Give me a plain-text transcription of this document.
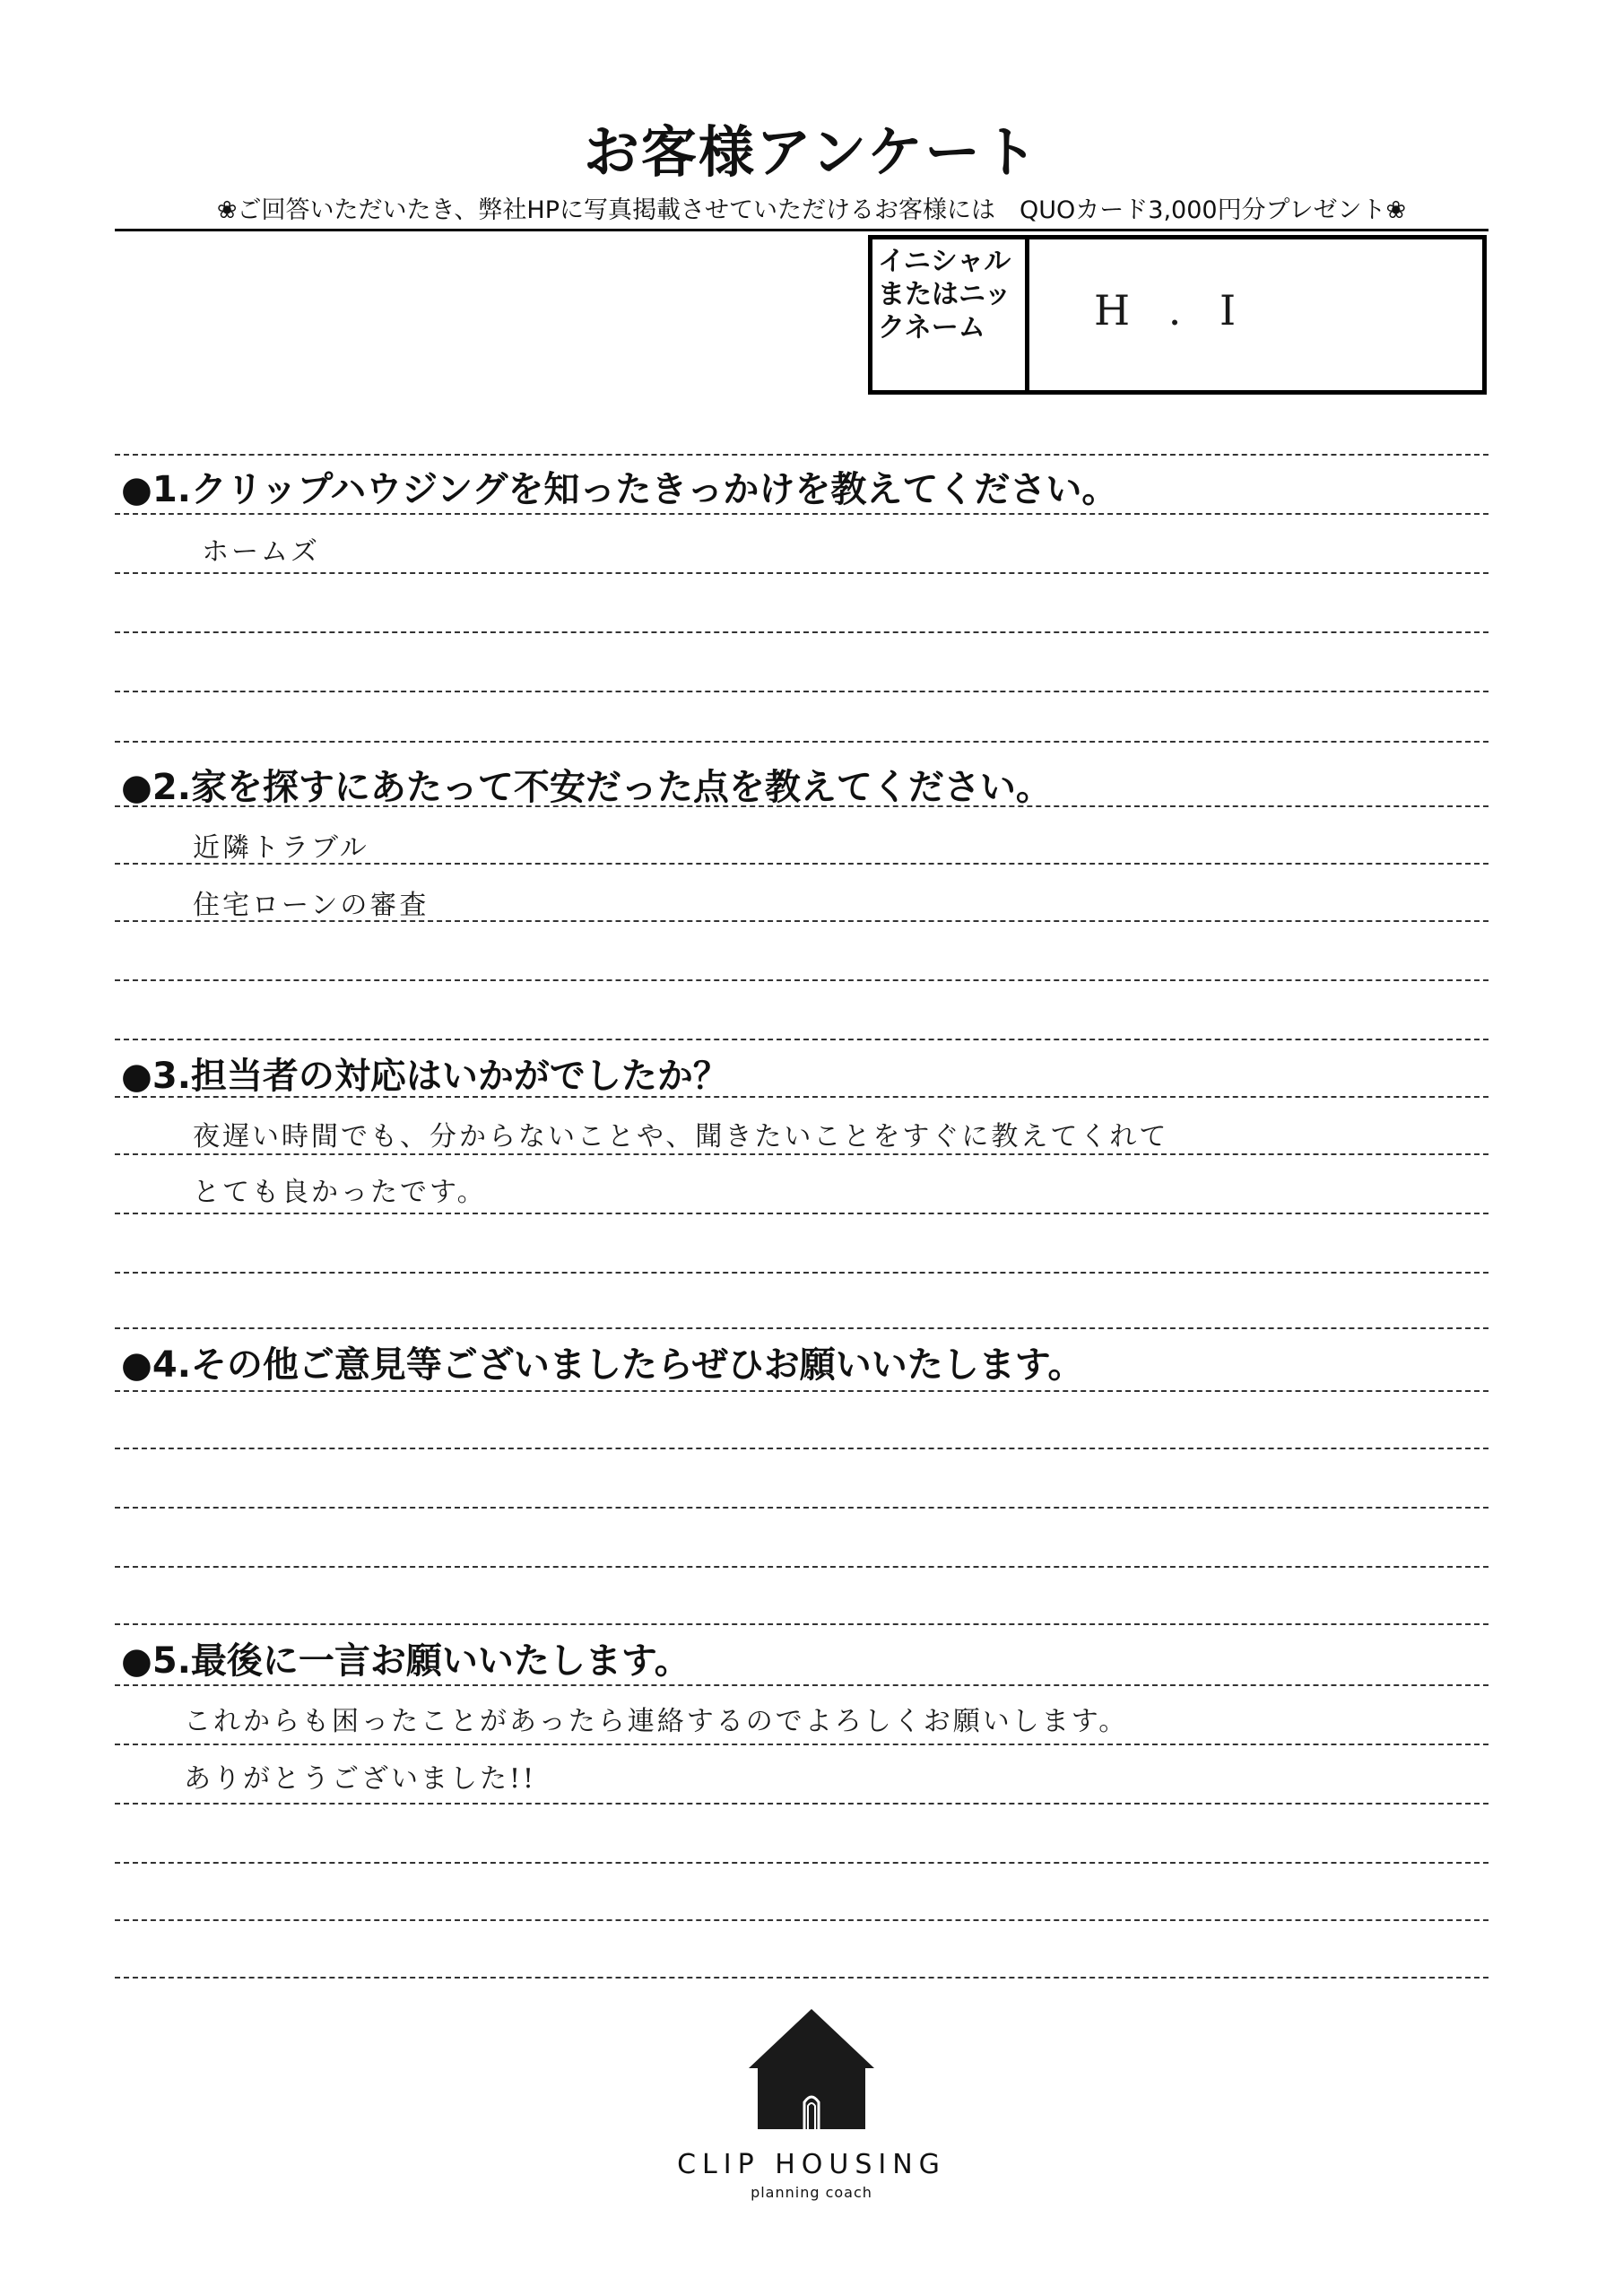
お客様アンケート
❀ご回答いただいたき、弊社HPに写真掲載させていただけるお客様には　QUOカード3,000円分プレゼント❀
イニシャルまたはニックネーム	H . I
●1.クリップハウジングを知ったきっかけを教えてください。
ホームズ
●2.家を探すにあたって不安だった点を教えてください。
近隣トラブル
住宅ローンの審査
●3.担当者の対応はいかがでしたか？
夜遅い時間でも、分からないことや、聞きたいことをすぐに教えてくれて
とても良かったです。
●4.その他ご意見等ございましたらぜひお願いいたします。
●5.最後に一言お願いいたします。
これからも困ったことがあったら連絡するのでよろしくお願いします。
ありがとうございました!!
CLIP HOUSING
planning coach
